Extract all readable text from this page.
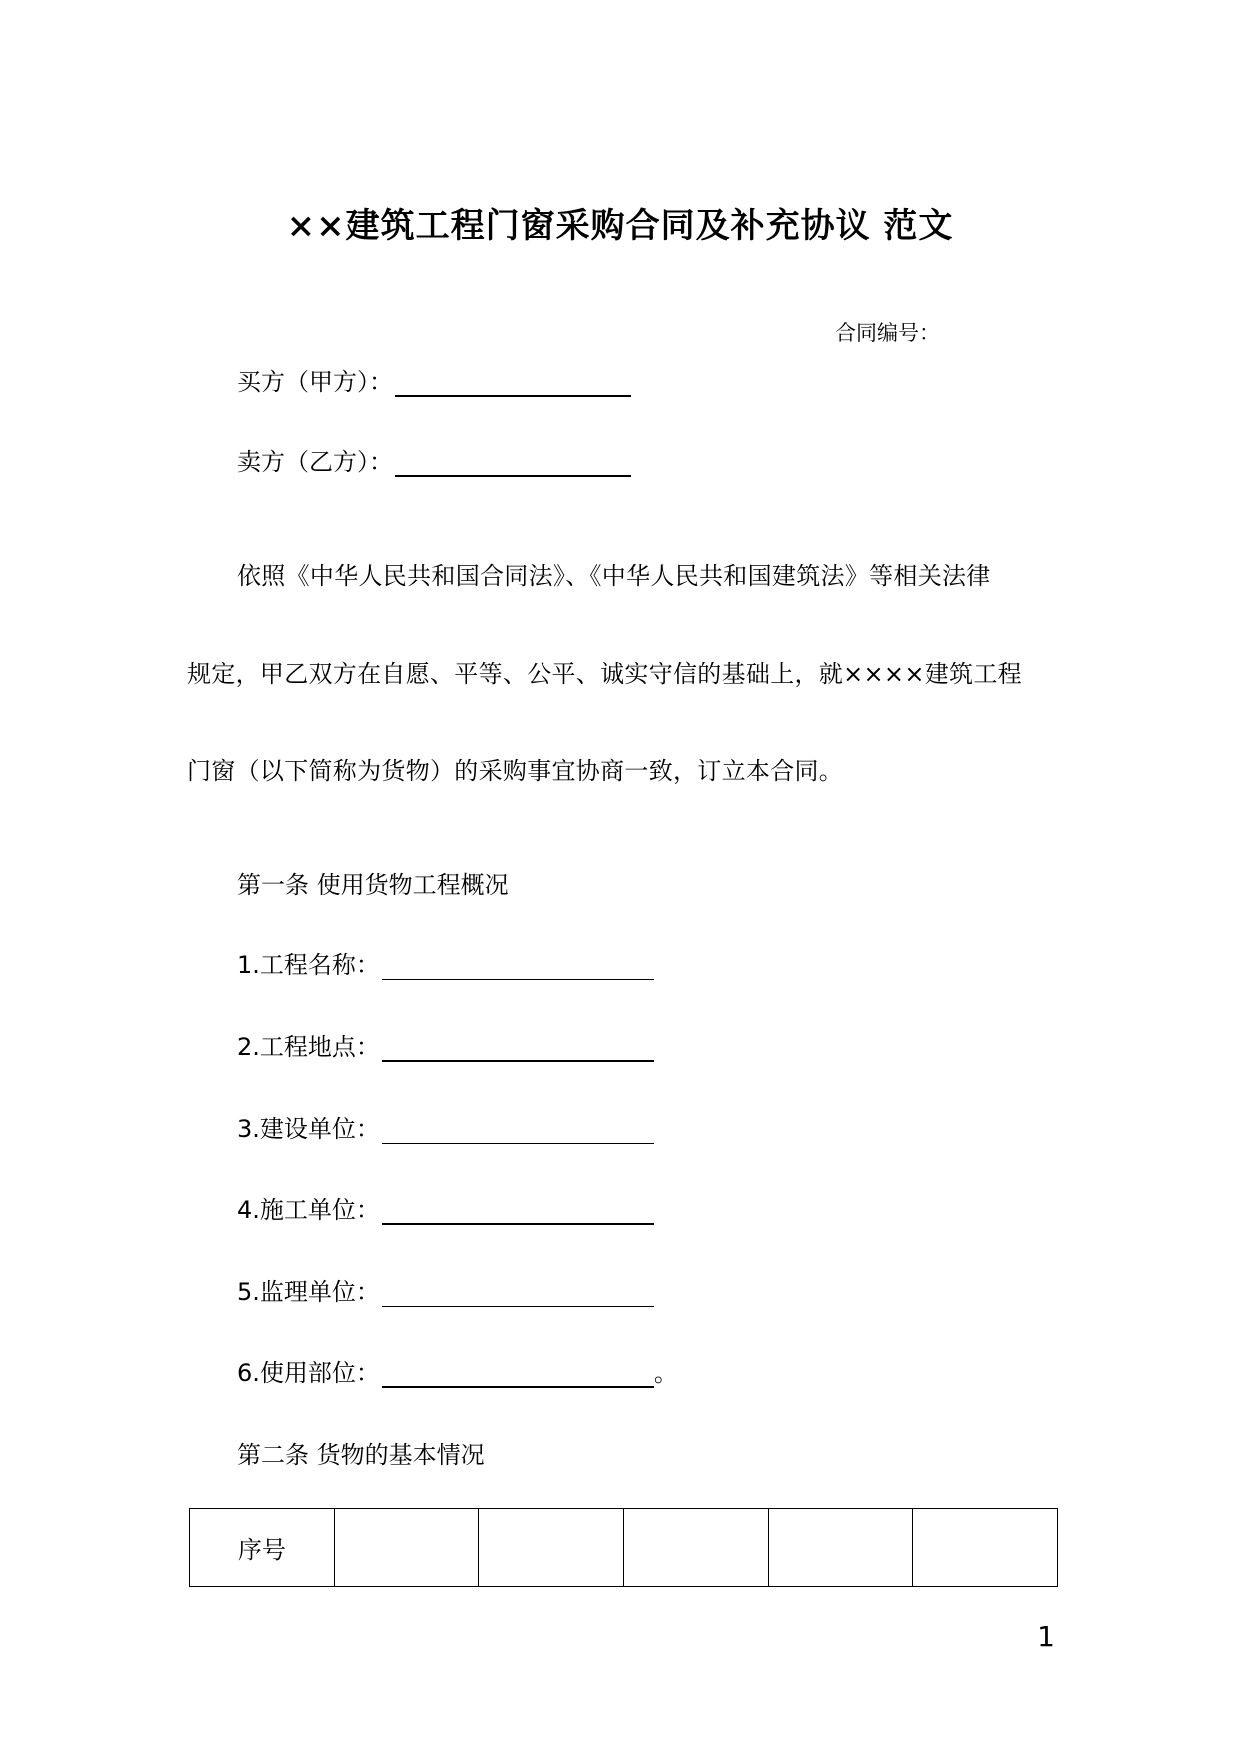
××建筑工程门窗采购合同及补充协议 范文
合同编号：
买方（甲方）：
卖方（乙方）：
依照《中华人民共和国合同法》、《中华人民共和国建筑法》等相关法律
规定，甲乙双方在自愿、平等、公平、诚实守信的基础上，就××××建筑工程
门窗（以下简称为货物）的采购事宜协商一致，订立本合同。
第一条 使用货物工程概况
1.工程名称：
2.工程地点：
3.建设单位：
4.施工单位：
5.监理单位：
6.使用部位：	。
第二条 货物的基本情况
序号					
1
